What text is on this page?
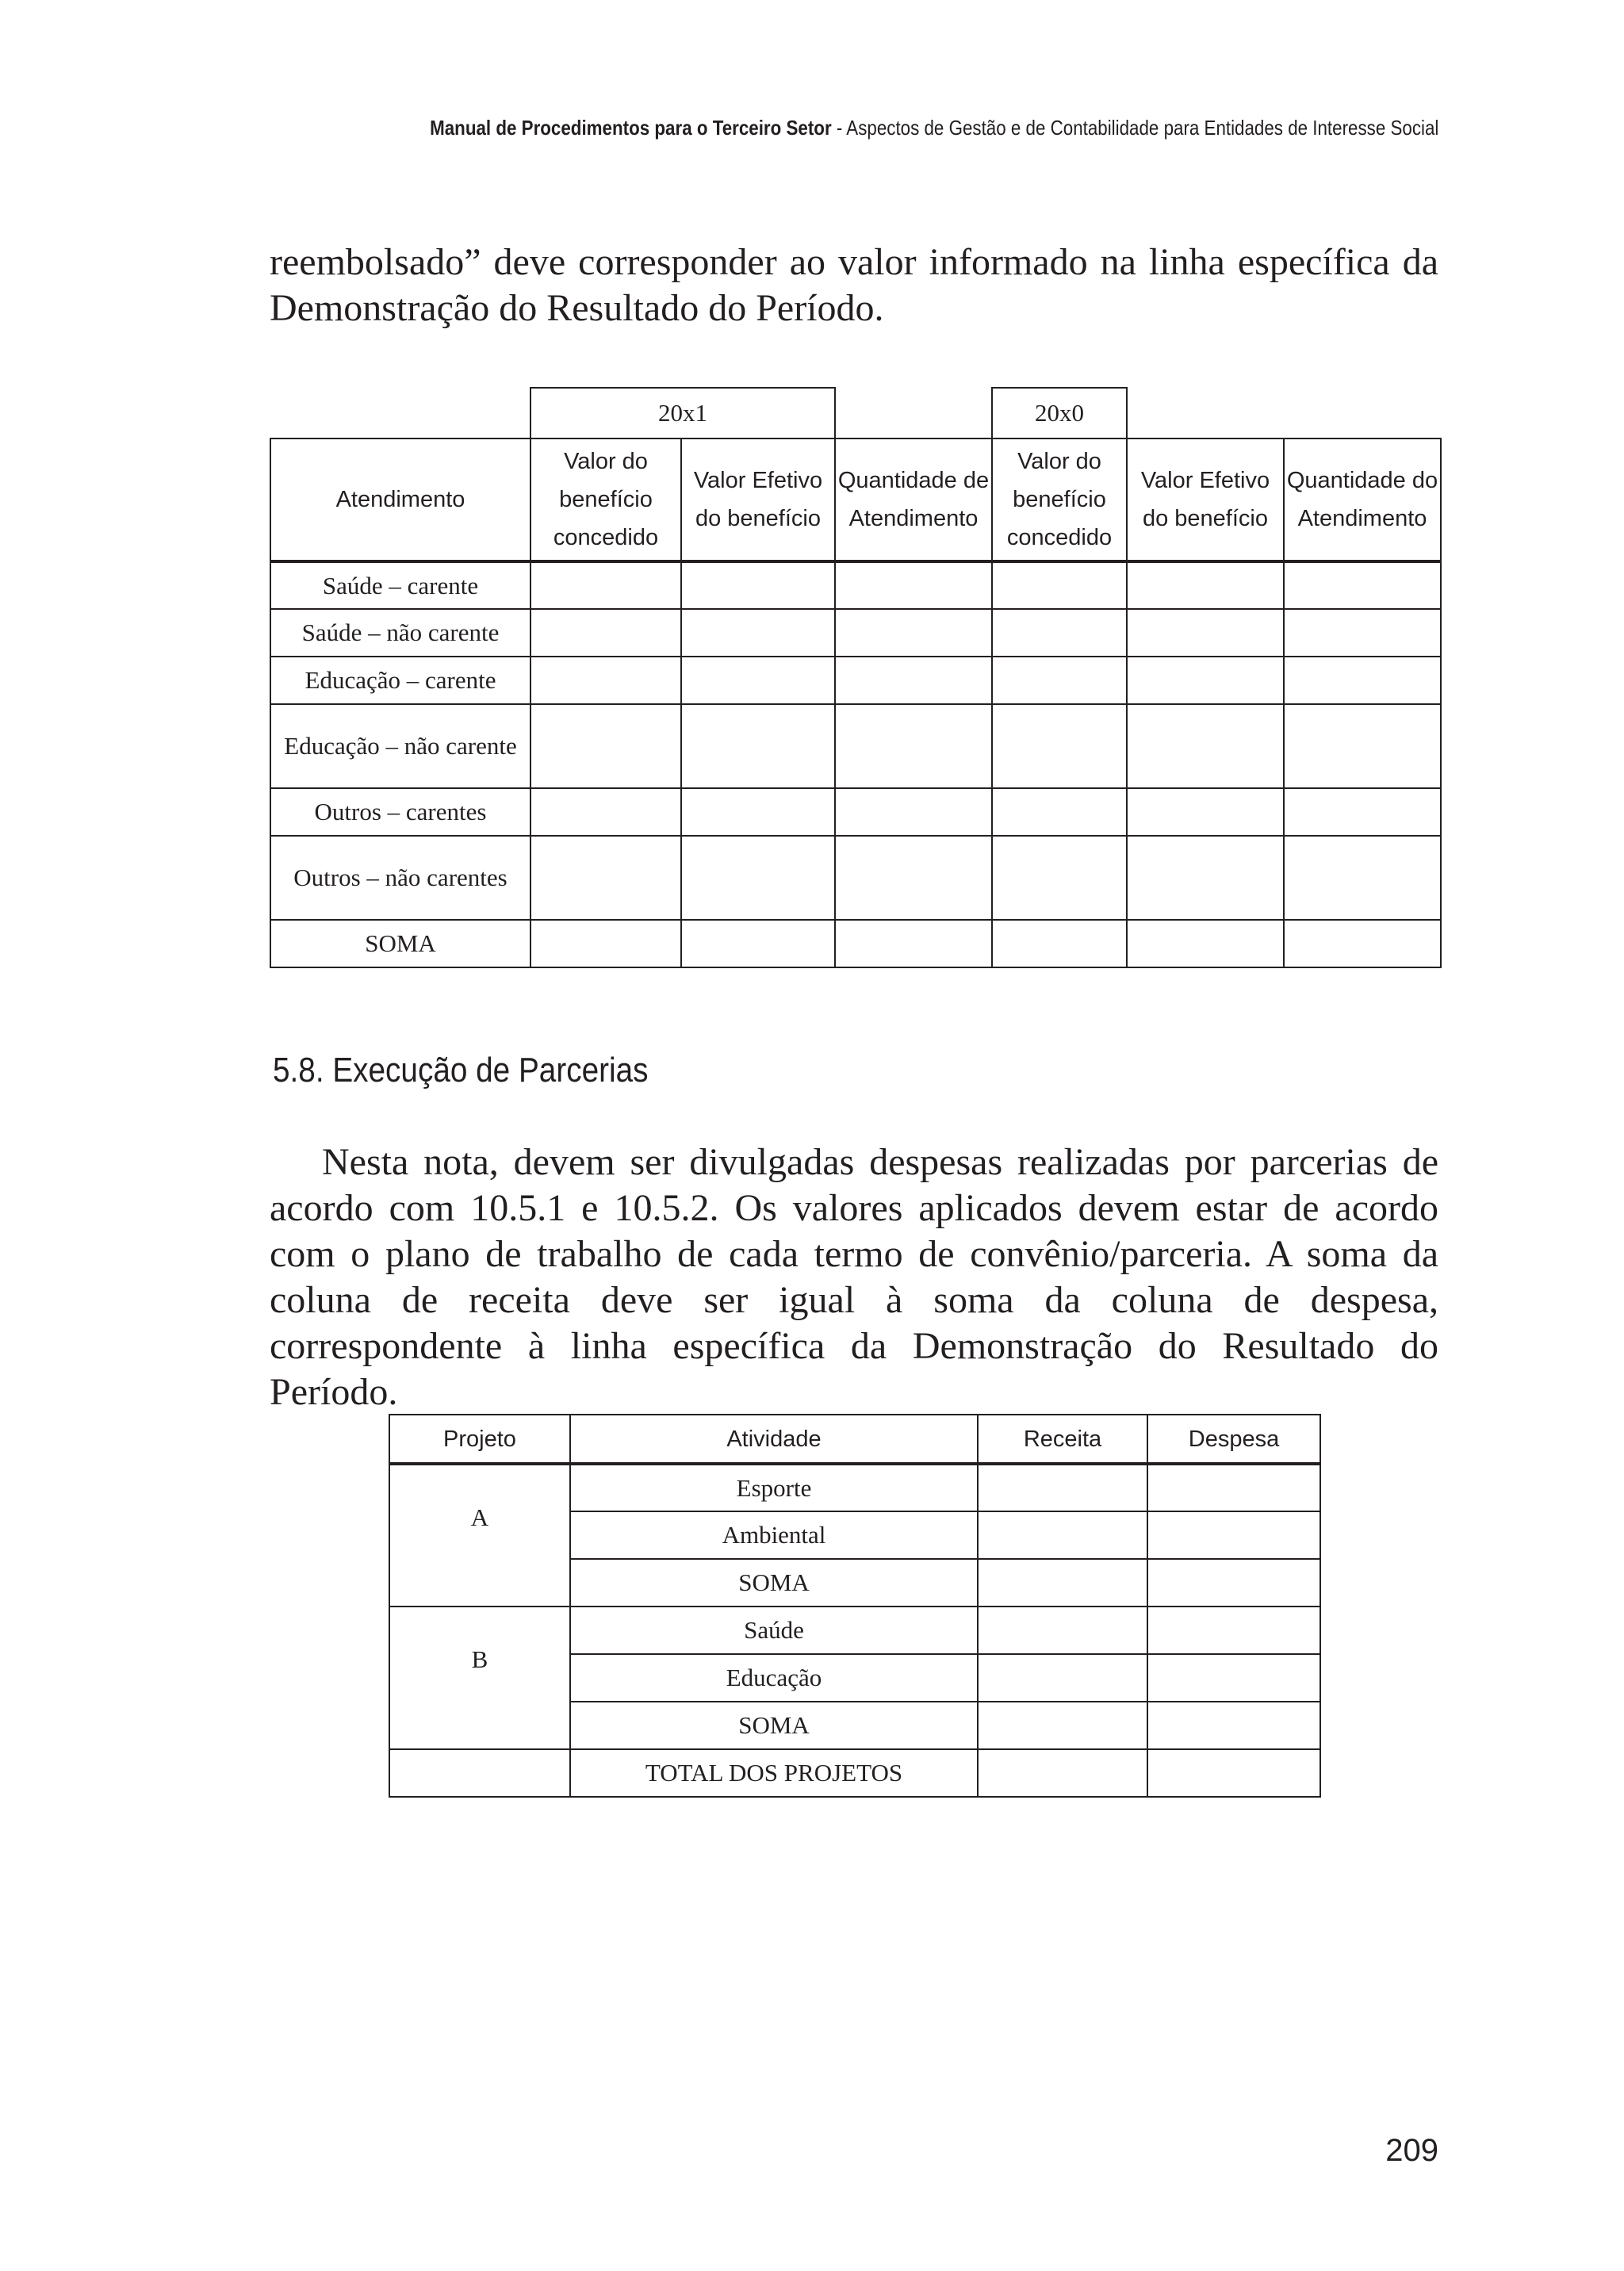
Manual de Procedimentos para o Terceiro Setor - Aspectos de Gestão e de Contabilidade para Entidades de Interesse Social

reembolsado” deve corresponder ao valor informado na linha específica da Demonstração do Resultado do Período.

	20x1			20x0		
Atendimento	Valor do benefício concedido	Valor Efetivo do benefício	Quantidade de Atendimento	Valor do benefício concedido	Valor Efetivo do benefício	Quantidade do Atendimento
Saúde – carente						
Saúde – não carente						
Educação – carente						
Educação – não carente						
Outros – carentes						
Outros – não carentes						
SOMA						
5.8. Execução de Parcerias

Nesta nota, devem ser divulgadas despesas realizadas por parcerias de acordo com 10.5.1 e 10.5.2. Os valores aplicados devem estar de acordo com o plano de trabalho de cada termo de convênio/parceria. A soma da coluna de receita deve ser igual à soma da coluna de despesa, correspondente à linha específica da Demonstração do Resultado do Período.

Projeto	Atividade	Receita	Despesa
A	Esporte		
	Ambiental		
	SOMA		
B	Saúde		
	Educação		
	SOMA		
	TOTAL DOS PROJETOS		
209
